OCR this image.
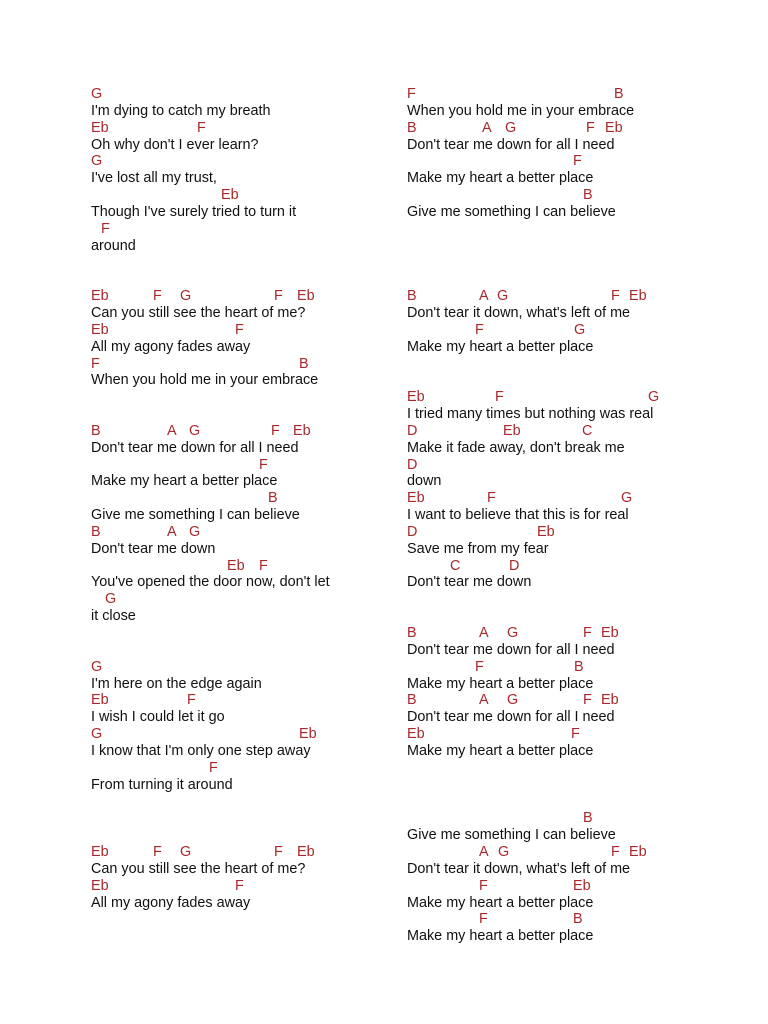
G
I'm dying to catch my breath
Eb	F
Oh why don't I ever learn?
G
I've lost all my trust,
Eb
Though I've surely tried to turn it
F
around
Eb	F G	F Eb
Can you still see the heart of me?
Eb	F
All my agony fades away
F	B
When you hold me in your embrace
B	A G	F Eb
Don't tear me down for all I need
F
Make my heart a better place
B
Give me something I can believe
B	A G
Don't tear me down
Eb F
You've opened the door now, don't let
G
it close
G
I'm here on the edge again
Eb	F
I wish I could let it go
G	Eb
I know that I'm only one step away
F
From turning it around
Eb	F G	F Eb
Can you still see the heart of me?
Eb	F
All my agony fades away
F	B
When you hold me in your embrace
B	A G	F Eb
Don't tear me down for all I need
F
Make my heart a better place
B
Give me something I can believe
B	A G	F Eb
Don't tear it down, what's left of me
F	G
Make my heart a better place
Eb	F	G
I tried many times but nothing was real
D	Eb	C
Make it fade away, don't break me
D
down
Eb	F	G
I want to believe that this is for real
D	Eb
Save me from my fear
C	D
Don't tear me down
B	A G	F Eb
Don't tear me down for all I need
F	B
Make my heart a better place
B	A G	F Eb
Don't tear me down for all I need
Eb	F
Make my heart a better place
B
Give me something I can believe
A G	F Eb
Don't tear it down, what's left of me
F	Eb
Make my heart a better place
F	B
Make my heart a better place
